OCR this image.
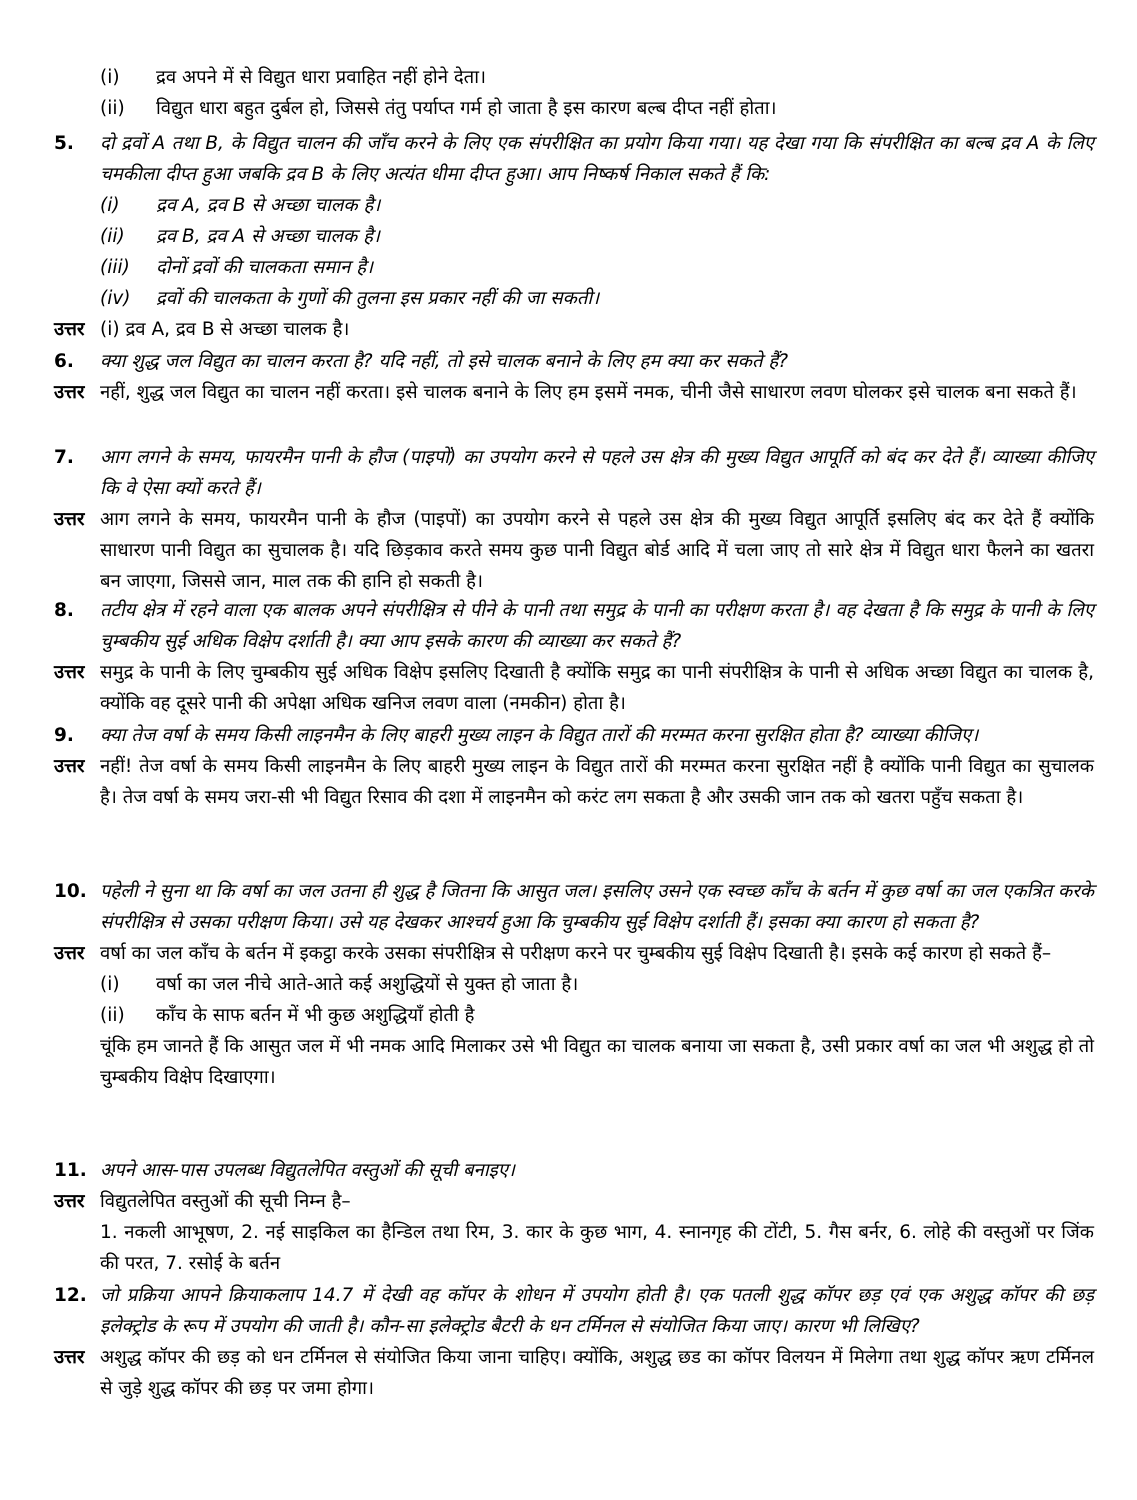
(i)	द्रव अपने में से विद्युत धारा प्रवाहित नहीं होने देता।
(ii)	विद्युत धारा बहुत दुर्बल हो, जिससे तंतु पर्याप्त गर्म हो जाता है इस कारण बल्ब दीप्त नहीं होता।
5.	दो द्रवों A तथा B, के विद्युत चालन की जाँच करने के लिए एक संपरीक्षित का प्रयोग किया गया। यह देखा गया कि संपरीक्षित का बल्ब द्रव A के लिए चमकीला दीप्त हुआ जबकि द्रव B के लिए अत्यंत धीमा दीप्त हुआ। आप निष्कर्ष निकाल सकते हैं कि:
(i)	द्रव A, द्रव B से अच्छा चालक है।
(ii)	द्रव B, द्रव A से अच्छा चालक है।
(iii)	दोनों द्रवों की चालकता समान है।
(iv)	द्रवों की चालकता के गुणों की तुलना इस प्रकार नहीं की जा सकती।
उत्तर (i) द्रव A, द्रव B से अच्छा चालक है।
6.	क्या शुद्ध जल विद्युत का चालन करता है? यदि नहीं, तो इसे चालक बनाने के लिए हम क्या कर सकते हैं?
उत्तर नहीं, शुद्ध जल विद्युत का चालन नहीं करता। इसे चालक बनाने के लिए हम इसमें नमक, चीनी जैसे साधारण लवण घोलकर इसे चालक बना सकते हैं।
7.	आग लगने के समय, फायरमैन पानी के हौज (पाइपों) का उपयोग करने से पहले उस क्षेत्र की मुख्य विद्युत आपूर्ति को बंद कर देते हैं। व्याख्या कीजिए कि वे ऐसा क्यों करते हैं।
उत्तर आग लगने के समय, फायरमैन पानी के हौज (पाइपों) का उपयोग करने से पहले उस क्षेत्र की मुख्य विद्युत आपूर्ति इसलिए बंद कर देते हैं क्योंकि साधारण पानी विद्युत का सुचालक है। यदि छिड़काव करते समय कुछ पानी विद्युत बोर्ड आदि में चला जाए तो सारे क्षेत्र में विद्युत धारा फैलने का खतरा बन जाएगा, जिससे जान, माल तक की हानि हो सकती है।
8.	तटीय क्षेत्र में रहने वाला एक बालक अपने संपरीक्षित्र से पीने के पानी तथा समुद्र के पानी का परीक्षण करता है। वह देखता है कि समुद्र के पानी के लिए चुम्बकीय सुई अधिक विक्षेप दर्शाती है। क्या आप इसके कारण की व्याख्या कर सकते हैं?
उत्तर समुद्र के पानी के लिए चुम्बकीय सुई अधिक विक्षेप इसलिए दिखाती है क्योंकि समुद्र का पानी संपरीक्षित्र के पानी से अधिक अच्छा विद्युत का चालक है, क्योंकि वह दूसरे पानी की अपेक्षा अधिक खनिज लवण वाला (नमकीन) होता है।
9.	क्या तेज वर्षा के समय किसी लाइनमैन के लिए बाहरी मुख्य लाइन के विद्युत तारों की मरम्मत करना सुरक्षित होता है? व्याख्या कीजिए।
उत्तर नहीं! तेज वर्षा के समय किसी लाइनमैन के लिए बाहरी मुख्य लाइन के विद्युत तारों की मरम्मत करना सुरक्षित नहीं है क्योंकि पानी विद्युत का सुचालक है। तेज वर्षा के समय जरा-सी भी विद्युत रिसाव की दशा में लाइनमैन को करंट लग सकता है और उसकी जान तक को खतरा पहुँच सकता है।
10. पहेली ने सुना था कि वर्षा का जल उतना ही शुद्ध है जितना कि आसुत जल। इसलिए उसने एक स्वच्छ काँच के बर्तन में कुछ वर्षा का जल एकत्रित करके संपरीक्षित्र से उसका परीक्षण किया। उसे यह देखकर आश्चर्य हुआ कि चुम्बकीय सुई विक्षेप दर्शाती हैं। इसका क्या कारण हो सकता है?
उत्तर वर्षा का जल काँच के बर्तन में इकट्ठा करके उसका संपरीक्षित्र से परीक्षण करने पर चुम्बकीय सुई विक्षेप दिखाती है। इसके कई कारण हो सकते हैं–
(i)	वर्षा का जल नीचे आते-आते कई अशुद्धियों से युक्त हो जाता है।
(ii)	काँच के साफ बर्तन में भी कुछ अशुद्धियाँ होती है
चूंकि हम जानते हैं कि आसुत जल में भी नमक आदि मिलाकर उसे भी विद्युत का चालक बनाया जा सकता है, उसी प्रकार वर्षा का जल भी अशुद्ध हो तो चुम्बकीय विक्षेप दिखाएगा।
11. अपने आस-पास उपलब्ध विद्युतलेपित वस्तुओं की सूची बनाइए।
उत्तर विद्युतलेपित वस्तुओं की सूची निम्न है–
1. नकली आभूषण, 2. नई साइकिल का हैन्डिल तथा रिम, 3. कार के कुछ भाग, 4. स्नानगृह की टोंटी, 5. गैस बर्नर, 6. लोहे की वस्तुओं पर जिंक की परत, 7. रसोई के बर्तन
12. जो प्रक्रिया आपने क्रियाकलाप 14.7 में देखी वह कॉपर के शोधन में उपयोग होती है। एक पतली शुद्ध कॉपर छड़ एवं एक अशुद्ध कॉपर की छड़ इलेक्ट्रोड के रूप में उपयोग की जाती है। कौन-सा इलेक्ट्रोड बैटरी के धन टर्मिनल से संयोजित किया जाए। कारण भी लिखिए?
उत्तर अशुद्ध कॉपर की छड़ को धन टर्मिनल से संयोजित किया जाना चाहिए। क्योंकि, अशुद्ध छड का कॉपर विलयन में मिलेगा तथा शुद्ध कॉपर ऋण टर्मिनल से जुड़े शुद्ध कॉपर की छड़ पर जमा होगा।
